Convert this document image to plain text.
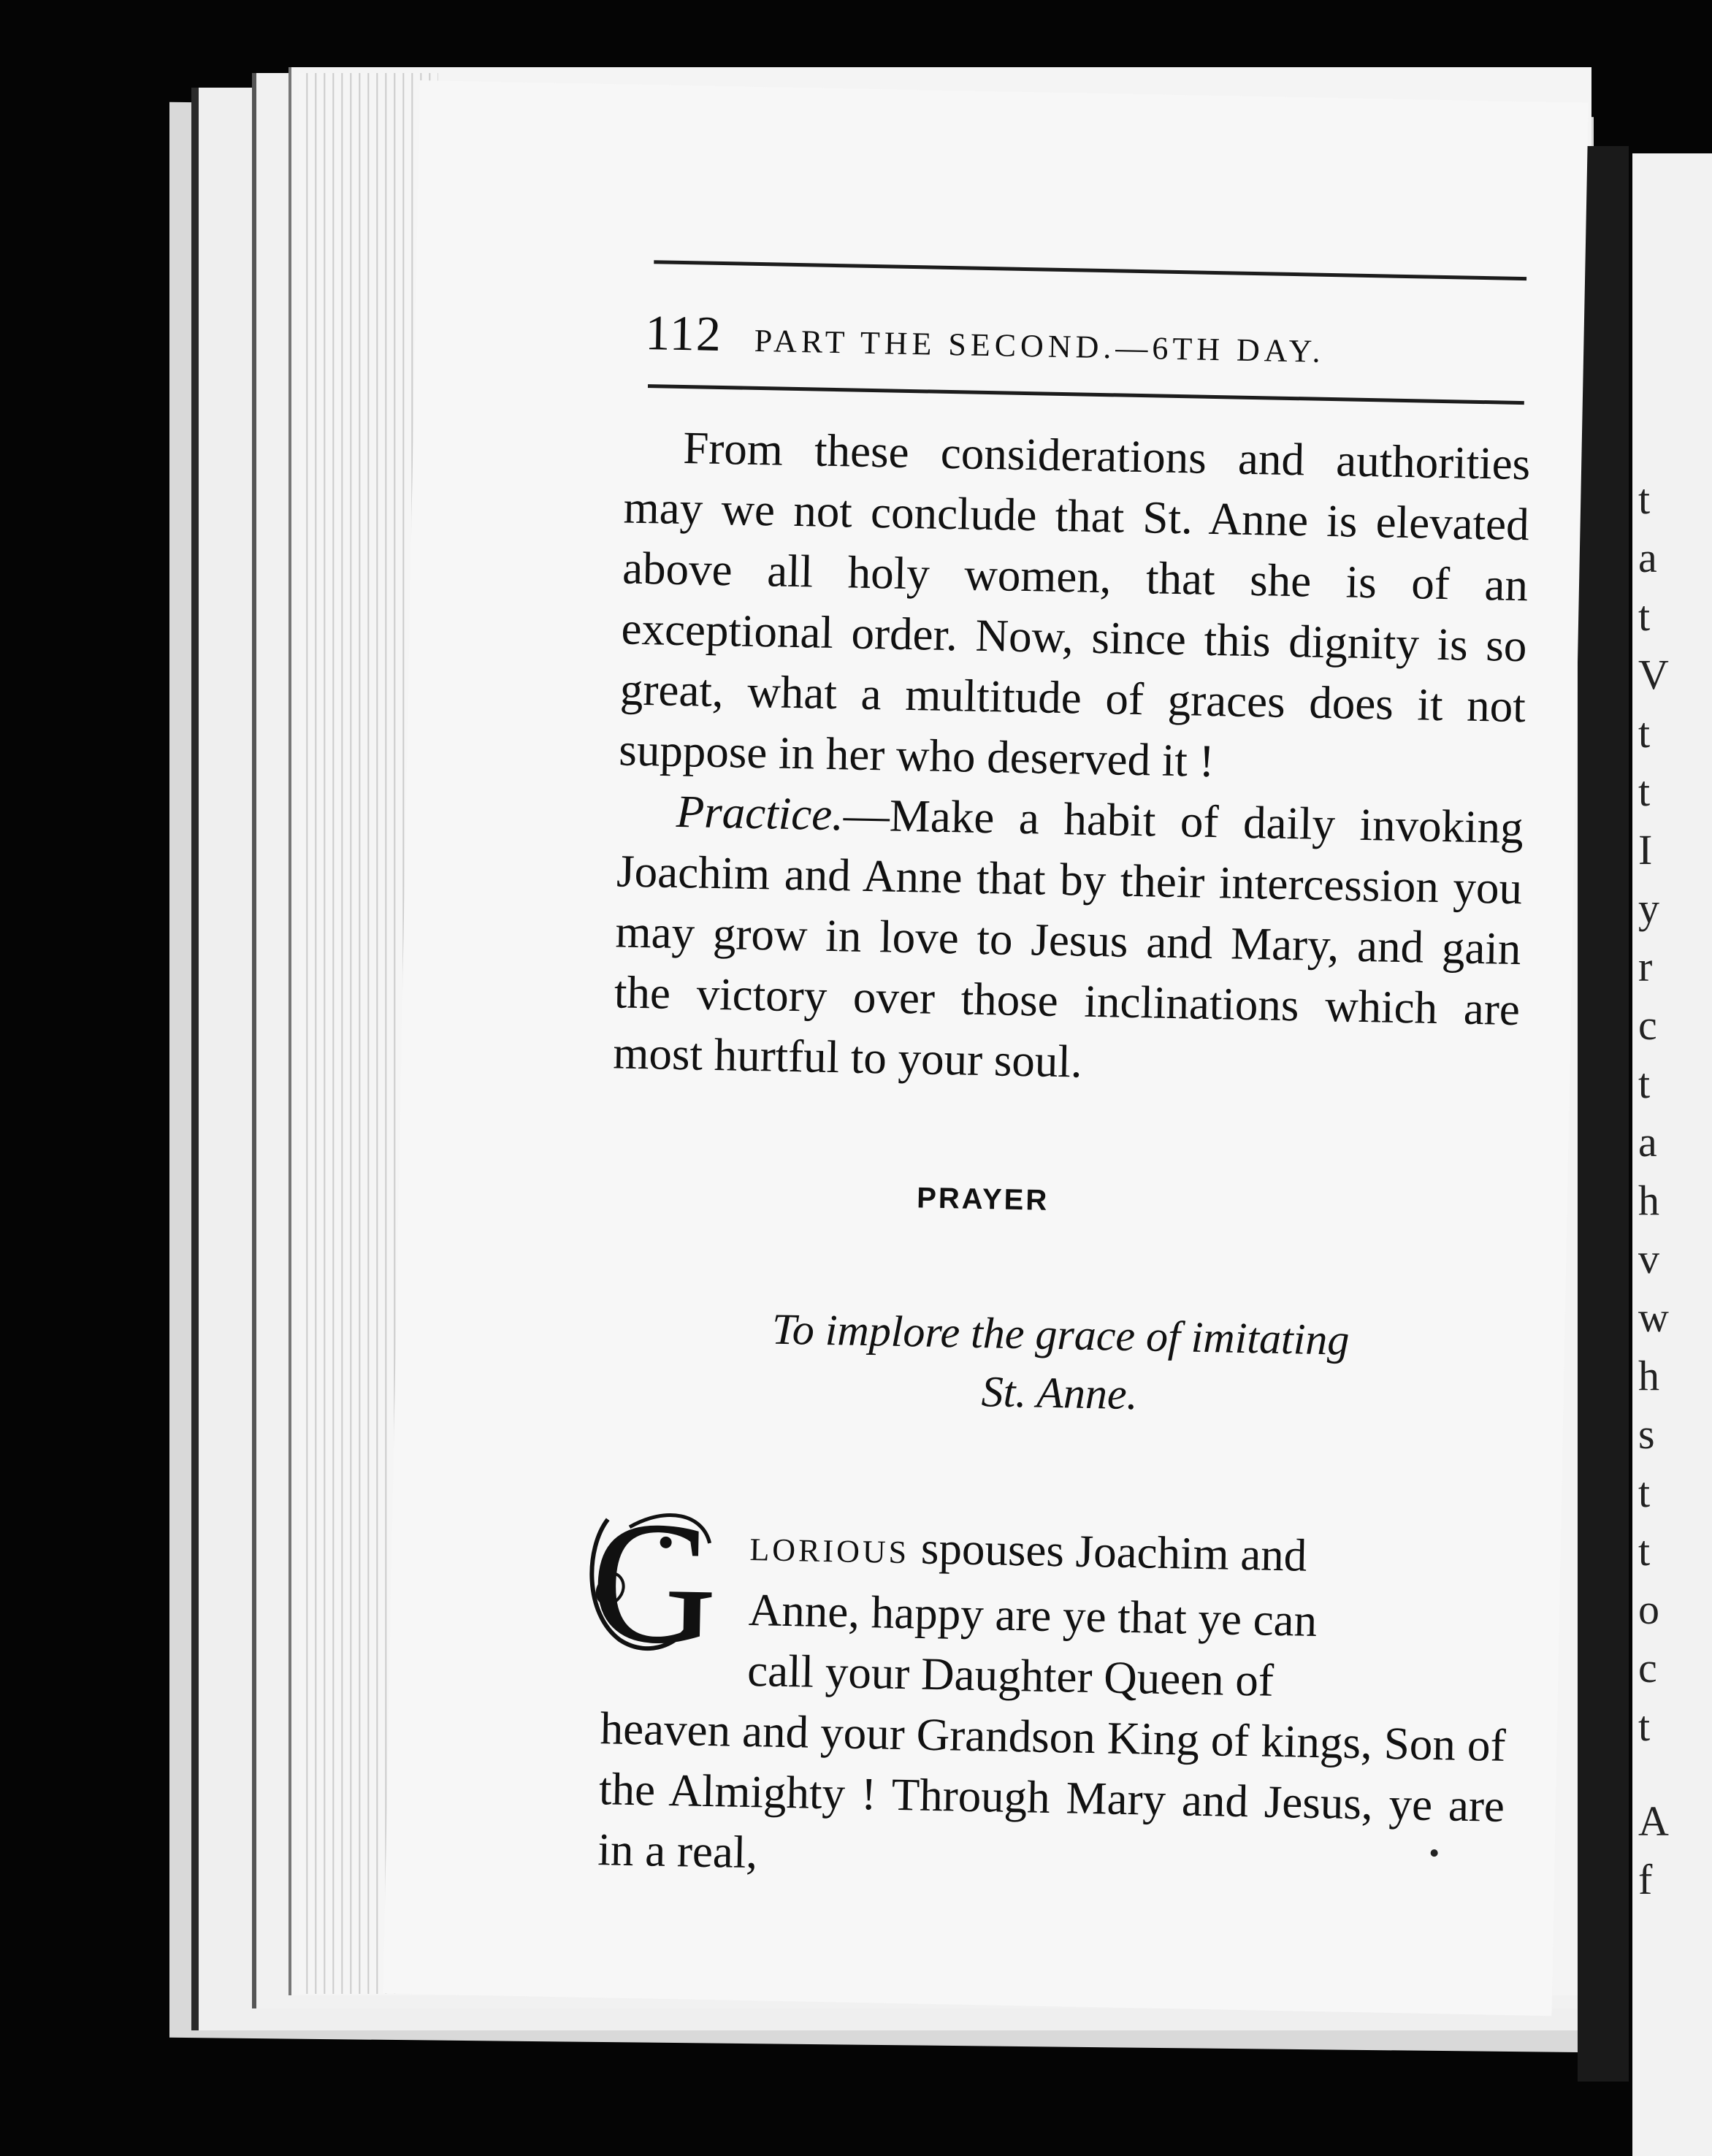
t
a
t
V
t
t
I
y
r
c
t
a
h
v
w
h
s
t
t
o
c
t
A
f
112 PART THE SECOND.—6TH DAY.

From these considerations and authorities may we not conclude that St. Anne is elevated above all holy women, that she is of an exceptional order. Now, since this dignity is so great, what a multitude of graces does it not suppose in her who deserved it !

Practice.—Make a habit of daily invoking Joachim and Anne that by their intercession you may grow in love to Jesus and Mary, and gain the victory over those inclinations which are most hurtful to your soul.

PRAYER
To implore the grace of imitating
St. Anne.
G LORIOUS spouses Joachim and

Anne, happy are ye that ye can

call your Daughter Queen of

heaven and your Grandson King of kings, Son of the Almighty ! Through Mary and Jesus, ye are in a real,
